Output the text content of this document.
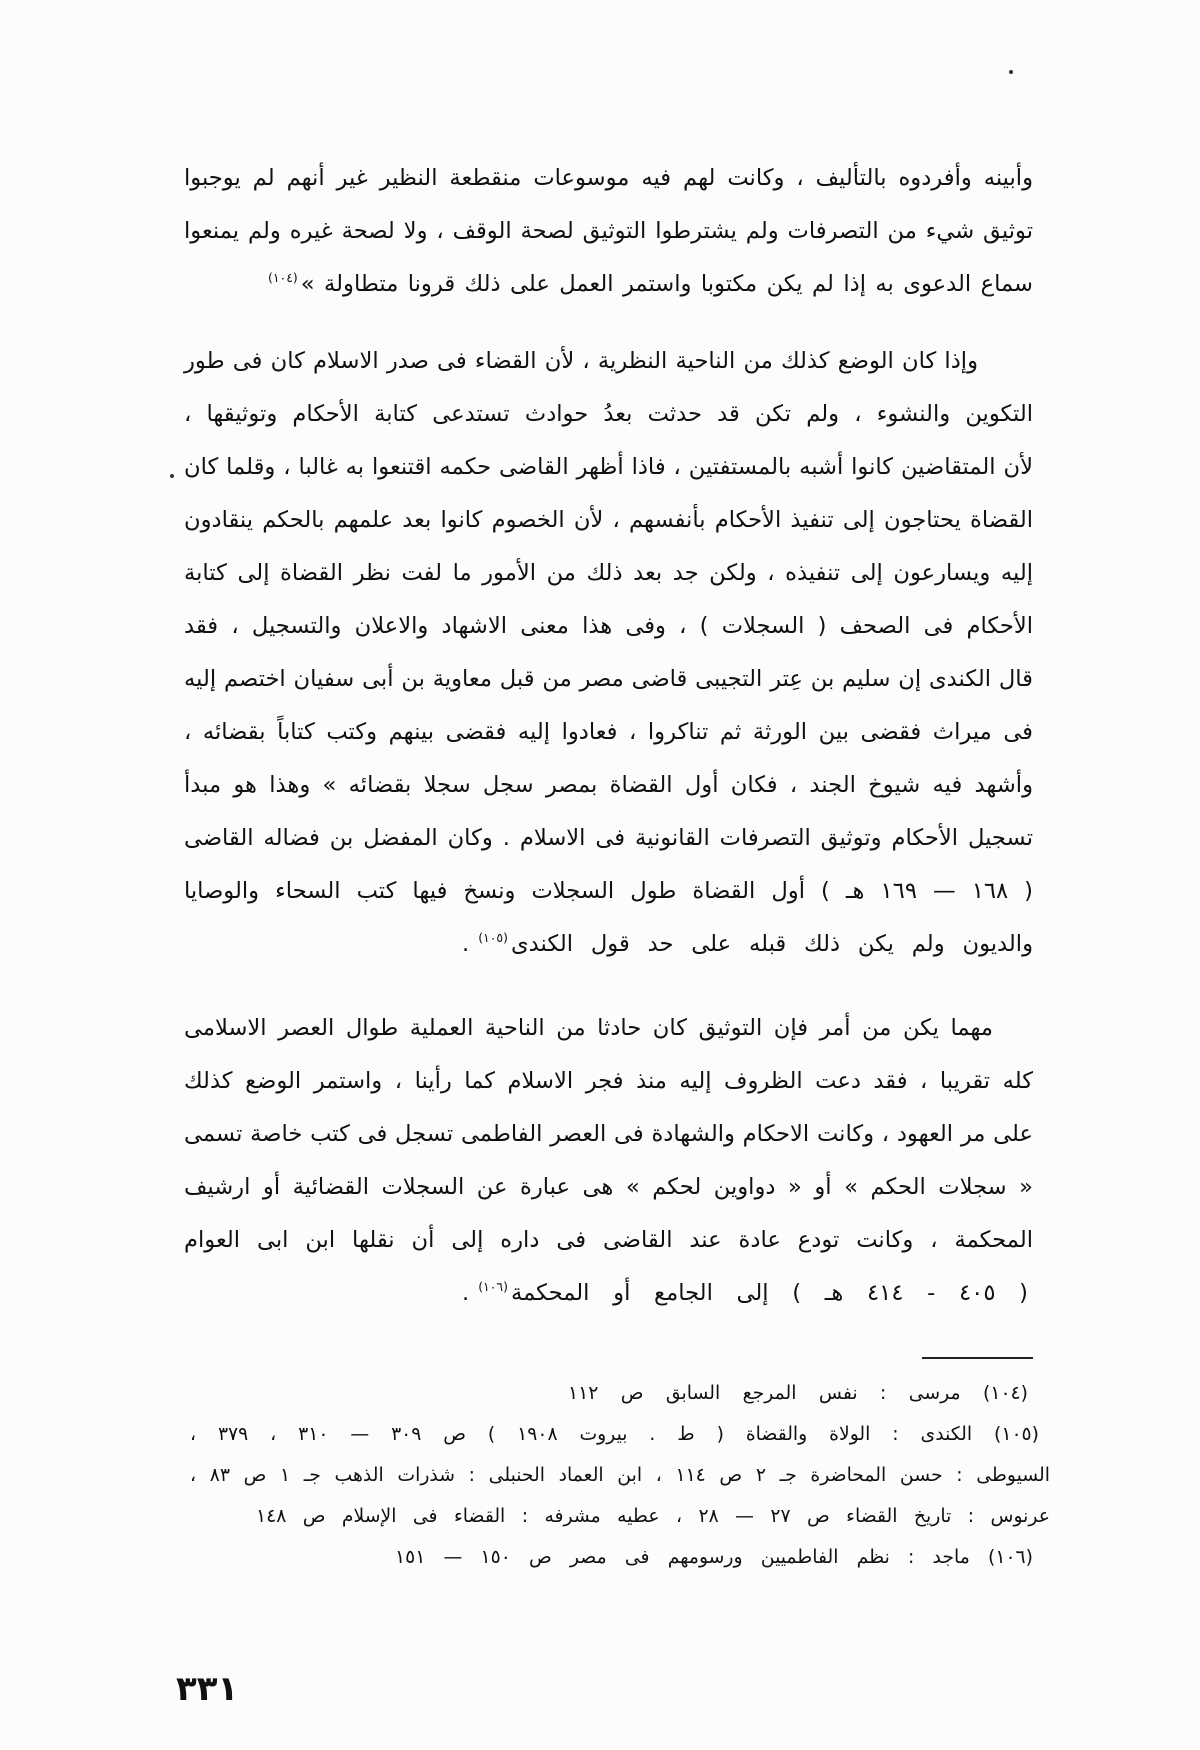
وأبينه وأفردوه بالتأليف ، وكانت لهم فيه موسوعات منقطعة النظير غير أنهم لم يوجبوا
توثيق شيء من التصرفات ولم يشترطوا التوثيق لصحة الوقف ، ولا لصحة غيره ولم يمنعوا
سماع الدعوى به إذا لم يكن مكتوبا واستمر العمل على ذلك قرونا متطاولة »$^{(١٠٤)}$
وإذا كان الوضع كذلك من الناحية النظرية ، لأن القضاء فى صدر الاسلام كان فى طور
التكوين والنشوء ، ولم تكن قد حدثت بعدُ حوادث تستدعى كتابة الأحكام وتوثيقها ،
لأن المتقاضين كانوا أشبه بالمستفتين ، فاذا أظهر القاضى حكمه اقتنعوا به غالبا ، وقلما كان
القضاة يحتاجون إلى تنفيذ الأحكام بأنفسهم ، لأن الخصوم كانوا بعد علمهم بالحكم ينقادون
إليه ويسارعون إلى تنفيذه ، ولكن جد بعد ذلك من الأمور ما لفت نظر القضاة إلى كتابة
الأحكام فى الصحف ( السجلات ) ، وفى هذا معنى الاشهاد والاعلان والتسجيل ، فقد
قال الكندى إن سليم بن عِتر التجيبى قاضى مصر من قبل معاوية بن أبى سفيان اختصم إليه
فى ميراث فقضى بين الورثة ثم تناكروا ، فعادوا إليه فقضى بينهم وكتب كتاباً بقضائه ،
وأشهد فيه شيوخ الجند ، فكان أول القضاة بمصر سجل سجلا بقضائه » وهذا هو مبدأ
تسجيل الأحكام وتوثيق التصرفات القانونية فى الاسلام . وكان المفضل بن فضاله القاضى
( ١٦٨ — ١٦٩ هـ ) أول القضاة طول السجلات ونسخ فيها كتب السحاء والوصايا
والديون ولم يكن ذلك قبله على حد قول الكندى$^{(١٠٥)}$.
مهما يكن من أمر فإن التوثيق كان حادثا من الناحية العملية طوال العصر الاسلامى
كله تقريبا ، فقد دعت الظروف إليه منذ فجر الاسلام كما رأينا ، واستمر الوضع كذلك
على مر العهود ، وكانت الاحكام والشهادة فى العصر الفاطمى تسجل فى كتب خاصة تسمى
« سجلات الحكم » أو « دواوين لحكم » هى عبارة عن السجلات القضائية أو ارشيف
المحكمة ، وكانت تودع عادة عند القاضى فى داره إلى أن نقلها ابن ابى العوام
( ٤٠٥ - ٤١٤ هـ ) إلى الجامع أو المحكمة$^{(١٠٦)}$.
(١٠٤) مرسى : نفس المرجع السابق ص ١١٢
(١٠٥) الكندى : الولاة والقضاة ( ط . بيروت ١٩٠٨ ) ص ٣٠٩ — ٣١٠ ، ٣٧٩ ،
السيوطى : حسن المحاضرة جـ ٢ ص ١١٤ ، ابن العماد الحنبلى : شذرات الذهب جـ ١ ص ٨٣ ،
عرنوس : تاريخ القضاء ص ٢٧ — ٢٨ ، عطيه مشرفه : القضاء فى الإسلام ص ١٤٨
(١٠٦) ماجد : نظم الفاطميين ورسومهم فى مصر ص ١٥٠ — ١٥١
٣٣١
